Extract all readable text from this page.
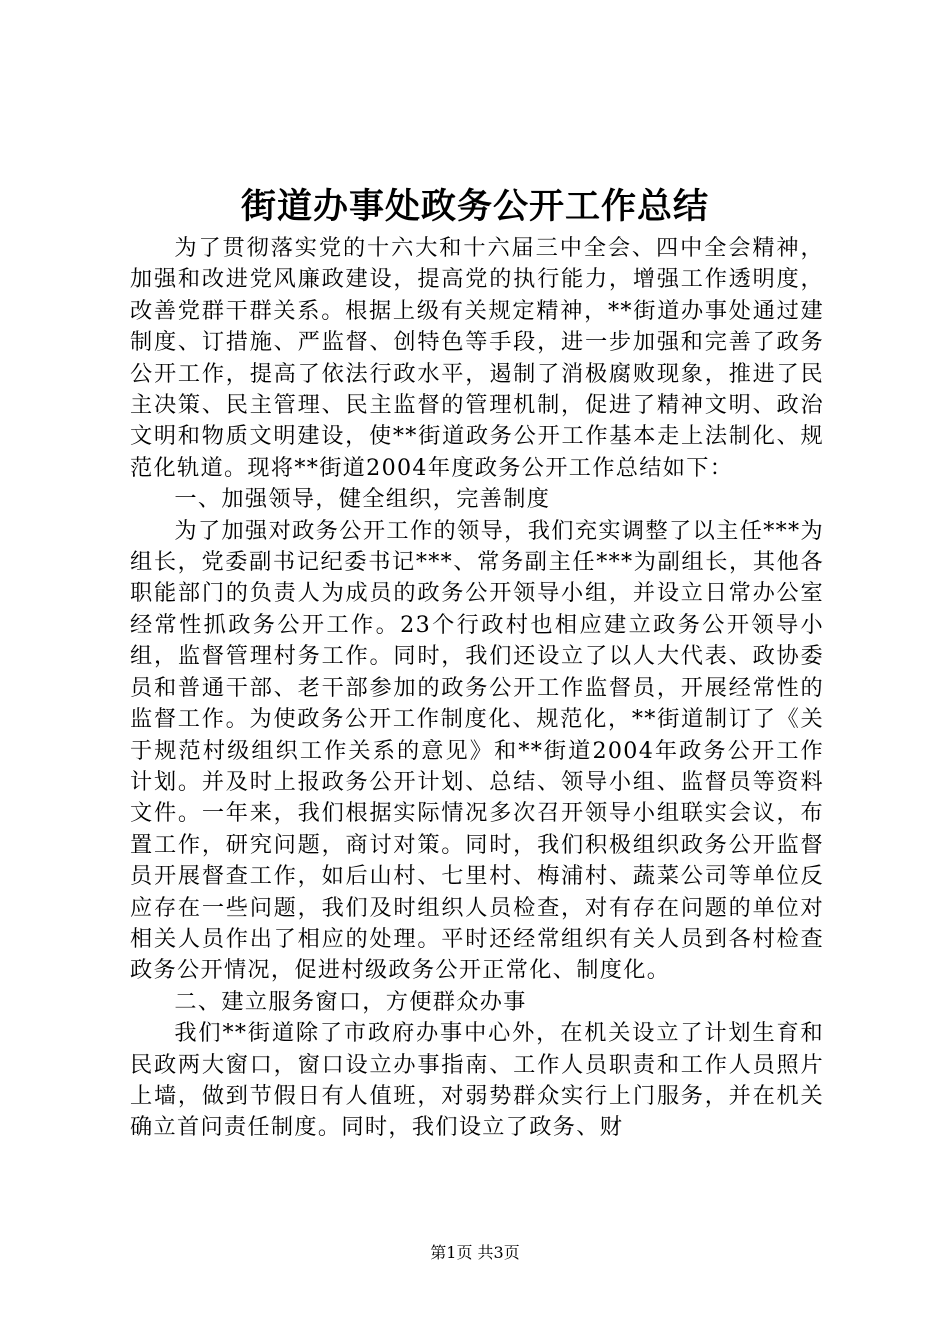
街道办事处政务公开工作总结

为了贯彻落实党的十六大和十六届三中全会、四中全会精神，加强和改进党风廉政建设，提高党的执行能力，增强工作透明度，改善党群干群关系。根据上级有关规定精神，**街道办事处通过建制度、订措施、严监督、创特色等手段，进一步加强和完善了政务公开工作，提高了依法行政水平，遏制了消极腐败现象，推进了民主决策、民主管理、民主监督的管理机制，促进了精神文明、政治文明和物质文明建设，使**街道政务公开工作基本走上法制化、规范化轨道。现将**街道2004年度政务公开工作总结如下：

一、加强领导，健全组织，完善制度

为了加强对政务公开工作的领导，我们充实调整了以主任***为组长，党委副书记纪委书记***、常务副主任***为副组长，其他各职能部门的负责人为成员的政务公开领导小组，并设立日常办公室经常性抓政务公开工作。23个行政村也相应建立政务公开领导小组，监督管理村务工作。同时，我们还设立了以人大代表、政协委员和普通干部、老干部参加的政务公开工作监督员，开展经常性的监督工作。为使政务公开工作制度化、规范化，**街道制订了《关于规范村级组织工作关系的意见》和**街道2004年政务公开工作计划。并及时上报政务公开计划、总结、领导小组、监督员等资料文件。一年来，我们根据实际情况多次召开领导小组联实会议，布置工作，研究问题，商讨对策。同时，我们积极组织政务公开监督员开展督查工作，如后山村、七里村、梅浦村、蔬菜公司等单位反应存在一些问题，我们及时组织人员检查，对有存在问题的单位对相关人员作出了相应的处理。平时还经常组织有关人员到各村检查政务公开情况，促进村级政务公开正常化、制度化。

二、建立服务窗口，方便群众办事

我们**街道除了市政府办事中心外，在机关设立了计划生育和民政两大窗口，窗口设立办事指南、工作人员职责和工作人员照片上墙，做到节假日有人值班，对弱势群众实行上门服务，并在机关确立首问责任制度。同时，我们设立了政务、财

第1页 共3页
